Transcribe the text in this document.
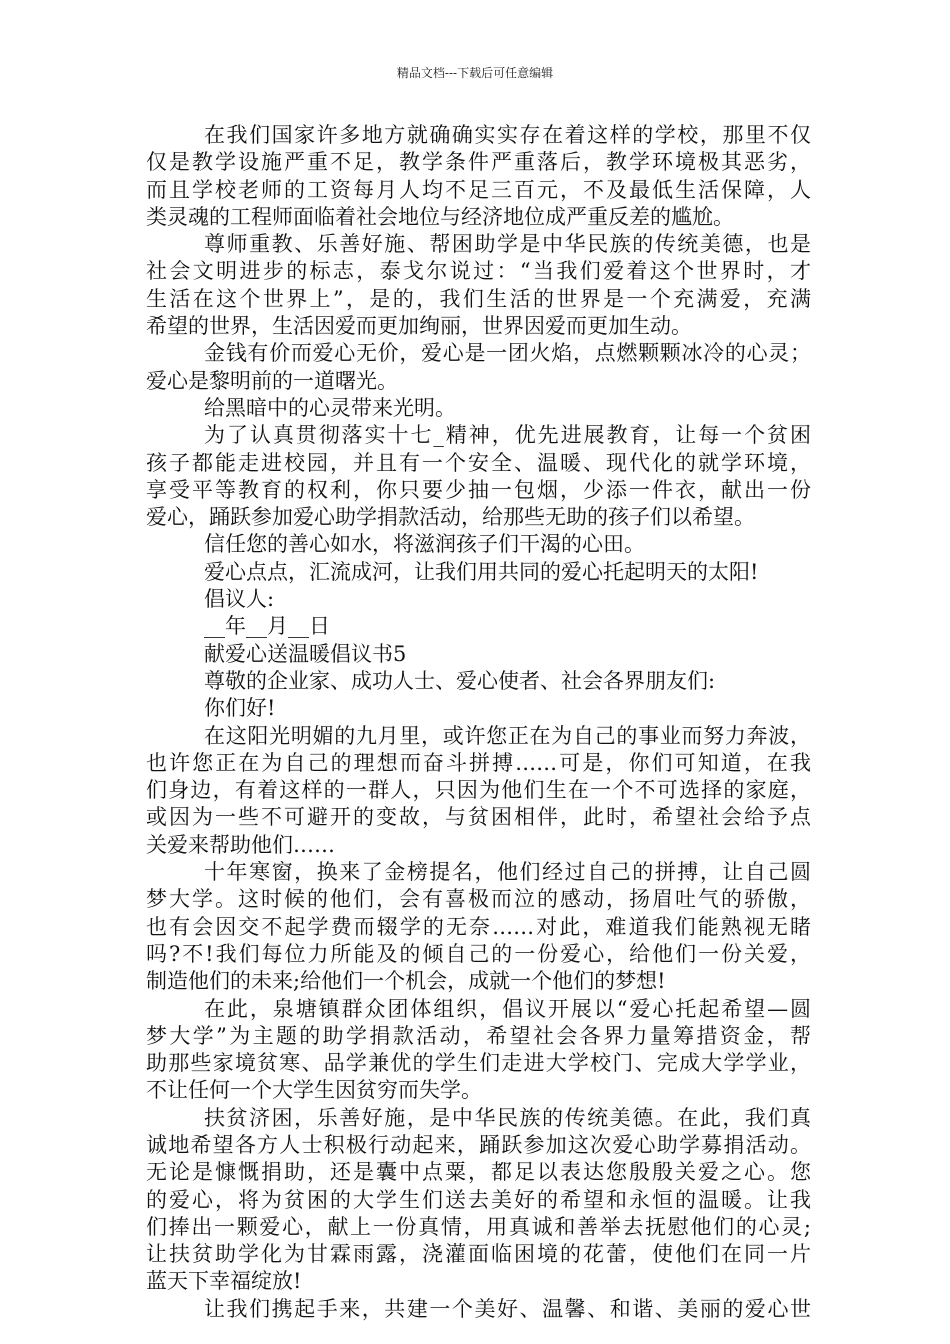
精品文档---下载后可任意编辑
在我们国家许多地方就确确实实存在着这样的学校，那里不仅
仅是教学设施严重不足，教学条件严重落后，教学环境极其恶劣，
而且学校老师的工资每月人均不足三百元，不及最低生活保障，人
类灵魂的工程师面临着社会地位与经济地位成严重反差的尴尬。
尊师重教、乐善好施、帮困助学是中华民族的传统美德，也是
社会文明进步的标志，泰戈尔说过：“当我们爱着这个世界时，才
生活在这个世界上”，是的，我们生活的世界是一个充满爱，充满
希望的世界，生活因爱而更加绚丽，世界因爱而更加生动。
金钱有价而爱心无价，爱心是一团火焰，点燃颗颗冰冷的心灵；
爱心是黎明前的一道曙光。
给黑暗中的心灵带来光明。
为了认真贯彻落实十七_精神，优先进展教育，让每一个贫困
孩子都能走进校园，并且有一个安全、温暖、现代化的就学环境，
享受平等教育的权利，你只要少抽一包烟，少添一件衣，献出一份
爱心，踊跃参加爱心助学捐款活动，给那些无助的孩子们以希望。
信任您的善心如水，将滋润孩子们干渴的心田。
爱心点点，汇流成河，让我们用共同的爱心托起明天的太阳!
倡议人:
__年__月__日
献爱心送温暖倡议书5
尊敬的企业家、成功人士、爱心使者、社会各界朋友们:
你们好!
在这阳光明媚的九月里，或许您正在为自己的事业而努力奔波，
也许您正在为自己的理想而奋斗拼搏……可是，你们可知道，在我
们身边，有着这样的一群人，只因为他们生在一个不可选择的家庭，
或因为一些不可避开的变故，与贫困相伴，此时，希望社会给予点
关爱来帮助他们……
十年寒窗，换来了金榜提名，他们经过自己的拼搏，让自己圆
梦大学。这时候的他们，会有喜极而泣的感动，扬眉吐气的骄傲，
也有会因交不起学费而辍学的无奈……对此，难道我们能熟视无睹
吗?不!我们每位力所能及的倾自己的一份爱心，给他们一份关爱，
制造他们的未来;给他们一个机会，成就一个他们的梦想!
在此，泉塘镇群众团体组织，倡议开展以“爱心托起希望—圆
梦大学”为主题的助学捐款活动，希望社会各界力量筹措资金，帮
助那些家境贫寒、品学兼优的学生们走进大学校门、完成大学学业，
不让任何一个大学生因贫穷而失学。
扶贫济困，乐善好施，是中华民族的传统美德。在此，我们真
诚地希望各方人士积极行动起来，踊跃参加这次爱心助学募捐活动。
无论是慷慨捐助，还是囊中点粟，都足以表达您殷殷关爱之心。您
的爱心，将为贫困的大学生们送去美好的希望和永恒的温暖。让我
们捧出一颗爱心，献上一份真情，用真诚和善举去抚慰他们的心灵;
让扶贫助学化为甘霖雨露，浇灌面临困境的花蕾，使他们在同一片
蓝天下幸福绽放!
让我们携起手来，共建一个美好、温馨、和谐、美丽的爱心世
